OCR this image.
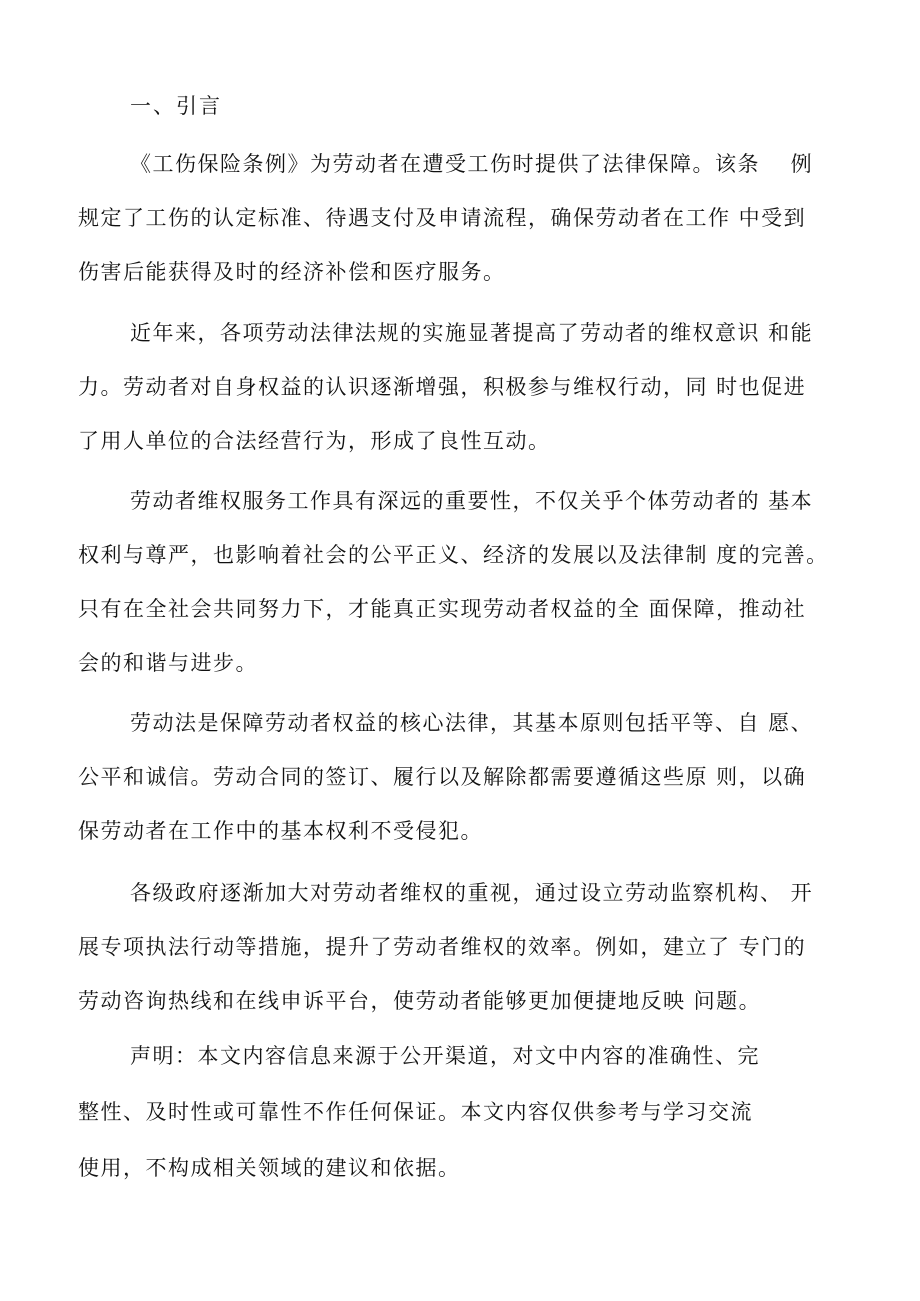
一、引言
《工伤保险条例》为劳动者在遭受工伤时提供了法律保障。该条　 例
规定了工伤的认定标准、待遇支付及申请流程，确保劳动者在工作 中受到
伤害后能获得及时的经济补偿和医疗服务。
近年来，各项劳动法律法规的实施显著提高了劳动者的维权意识 和能
力。劳动者对自身权益的认识逐渐增强，积极参与维权行动，同 时也促进
了用人单位的合法经营行为，形成了良性互动。
劳动者维权服务工作具有深远的重要性，不仅关乎个体劳动者的 基本
权利与尊严，也影响着社会的公平正义、经济的发展以及法律制 度的完善。
只有在全社会共同努力下，才能真正实现劳动者权益的全 面保障，推动社
会的和谐与进步。
劳动法是保障劳动者权益的核心法律，其基本原则包括平等、自 愿、
公平和诚信。劳动合同的签订、履行以及解除都需要遵循这些原 则，以确
保劳动者在工作中的基本权利不受侵犯。
各级政府逐渐加大对劳动者维权的重视，通过设立劳动监察机构、 开
展专项执法行动等措施，提升了劳动者维权的效率。例如，建立了 专门的
劳动咨询热线和在线申诉平台，使劳动者能够更加便捷地反映 问题。
声明：本文内容信息来源于公开渠道，对文中内容的准确性、完
整性、及时性或可靠性不作任何保证。本文内容仅供参考与学习交流
使用，不构成相关领域的建议和依据。
